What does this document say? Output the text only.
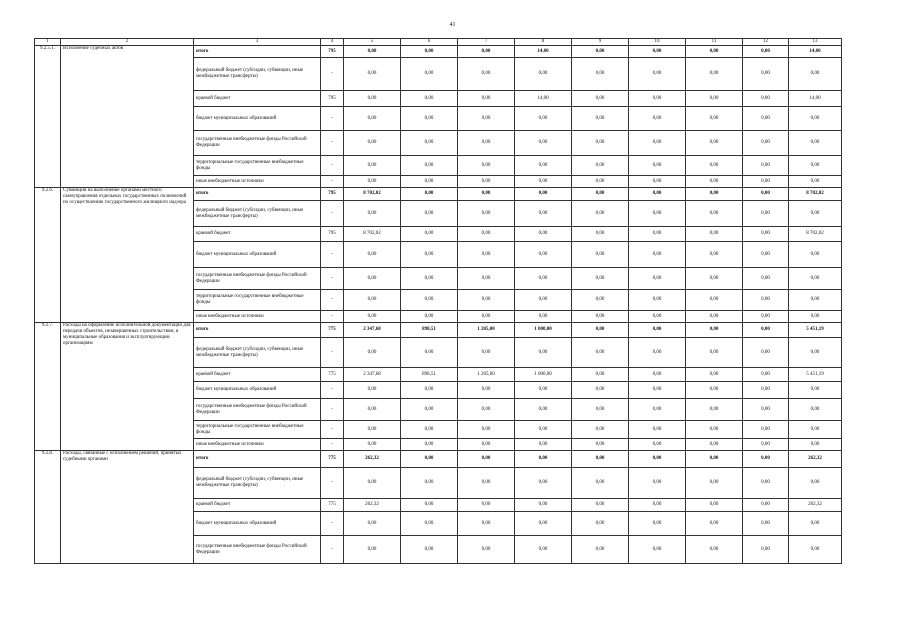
41
1	2	3	4	5	6	7	8	9	10	11	12	13
9.2.5.1.	Исполнение судебных актов	итого	795	0,00	0,00	0,00	14,00	0,00	0,00	0,00	0,00	14,00
		федеральный бюджет (субсидии, субвенции, иные межбюджетные трансферты)	-	0,00	0,00	0,00	0,00	0,00	0,00	0,00	0,00	0,00
		краевой бюджет	795	0,00	0,00	0,00	14,00	0,00	0,00	0,00	0,00	14,00
		бюджет муниципальных образований	-	0,00	0,00	0,00	0,00	0,00	0,00	0,00	0,00	0,00
		государственные внебюджетные фонды Российской Федерации	-	0,00	0,00	0,00	0,00	0,00	0,00	0,00	0,00	0,00
		территориальные государственные внебюджетные фонды	-	0,00	0,00	0,00	0,00	0,00	0,00	0,00	0,00	0,00
		иные внебюджетные источники	-	0,00	0,00	0,00	0,00	0,00	0,00	0,00	0,00	0,00
9.2.6.	Субвенции на выполнение органами местного самоуправления отдельных государственных полномочий по осуществлению государственного жилищного надзора	итого	795	8 702,02	0,00	0,00	0,00	0,00	0,00	0,00	0,00	8 702,02
		федеральный бюджет (субсидии, субвенции, иные межбюджетные трансферты)	-	0,00	0,00	0,00	0,00	0,00	0,00	0,00	0,00	0,00
		краевой бюджет	795	8 702,02	0,00	0,00	0,00	0,00	0,00	0,00	0,00	8 702,02
		бюджет муниципальных образований	-	0,00	0,00	0,00	0,00	0,00	0,00	0,00	0,00	0,00
		государственные внебюджетные фонды Российской Федерации	-	0,00	0,00	0,00	0,00	0,00	0,00	0,00	0,00	0,00
		территориальные государственные внебюджетные фонды	-	0,00	0,00	0,00	0,00	0,00	0,00	0,00	0,00	0,00
		иные внебюджетные источники	-	0,00	0,00	0,00	0,00	0,00	0,00	0,00	0,00	0,00
9.2.7.	Расходы на оформление исполнительной документации для передачи объектов, незавершенных строительством, в муниципальные образования и эксплуатирующим организациям	итого	775	2 347,68	898,51	1 205,00	1 000,00	0,00	0,00	0,00	0,00	5 451,19
		федеральный бюджет (субсидии, субвенции, иные межбюджетные трансферты)	-	0,00	0,00	0,00	0,00	0,00	0,00	0,00	0,00	0,00
		краевой бюджет	775	2 347,68	898,51	1 205,00	1 000,00	0,00	0,00	0,00	0,00	5 451,19
		бюджет муниципальных образований	-	0,00	0,00	0,00	0,00	0,00	0,00	0,00	0,00	0,00
		государственные внебюджетные фонды Российской Федерации	-	0,00	0,00	0,00	0,00	0,00	0,00	0,00	0,00	0,00
		территориальные государственные внебюджетные фонды	-	0,00	0,00	0,00	0,00	0,00	0,00	0,00	0,00	0,00
		иные внебюджетные источники	-	0,00	0,00	0,00	0,00	0,00	0,00	0,00	0,00	0,00
9.2.8.	Расходы, связанные с исполнением решений, принятых судебными органами	итого	775	262,32	0,00	0,00	0,00	0,00	0,00	0,00	0,00	262,32
		федеральный бюджет (субсидии, субвенции, иные межбюджетные трансферты)	-	0,00	0,00	0,00	0,00	0,00	0,00	0,00	0,00	0,00
		краевой бюджет	775	262,32	0,00	0,00	0,00	0,00	0,00	0,00	0,00	262,32
		бюджет муниципальных образований	-	0,00	0,00	0,00	0,00	0,00	0,00	0,00	0,00	0,00
		государственные внебюджетные фонды Российской Федерации	-	0,00	0,00	0,00	0,00	0,00	0,00	0,00	0,00	0,00
